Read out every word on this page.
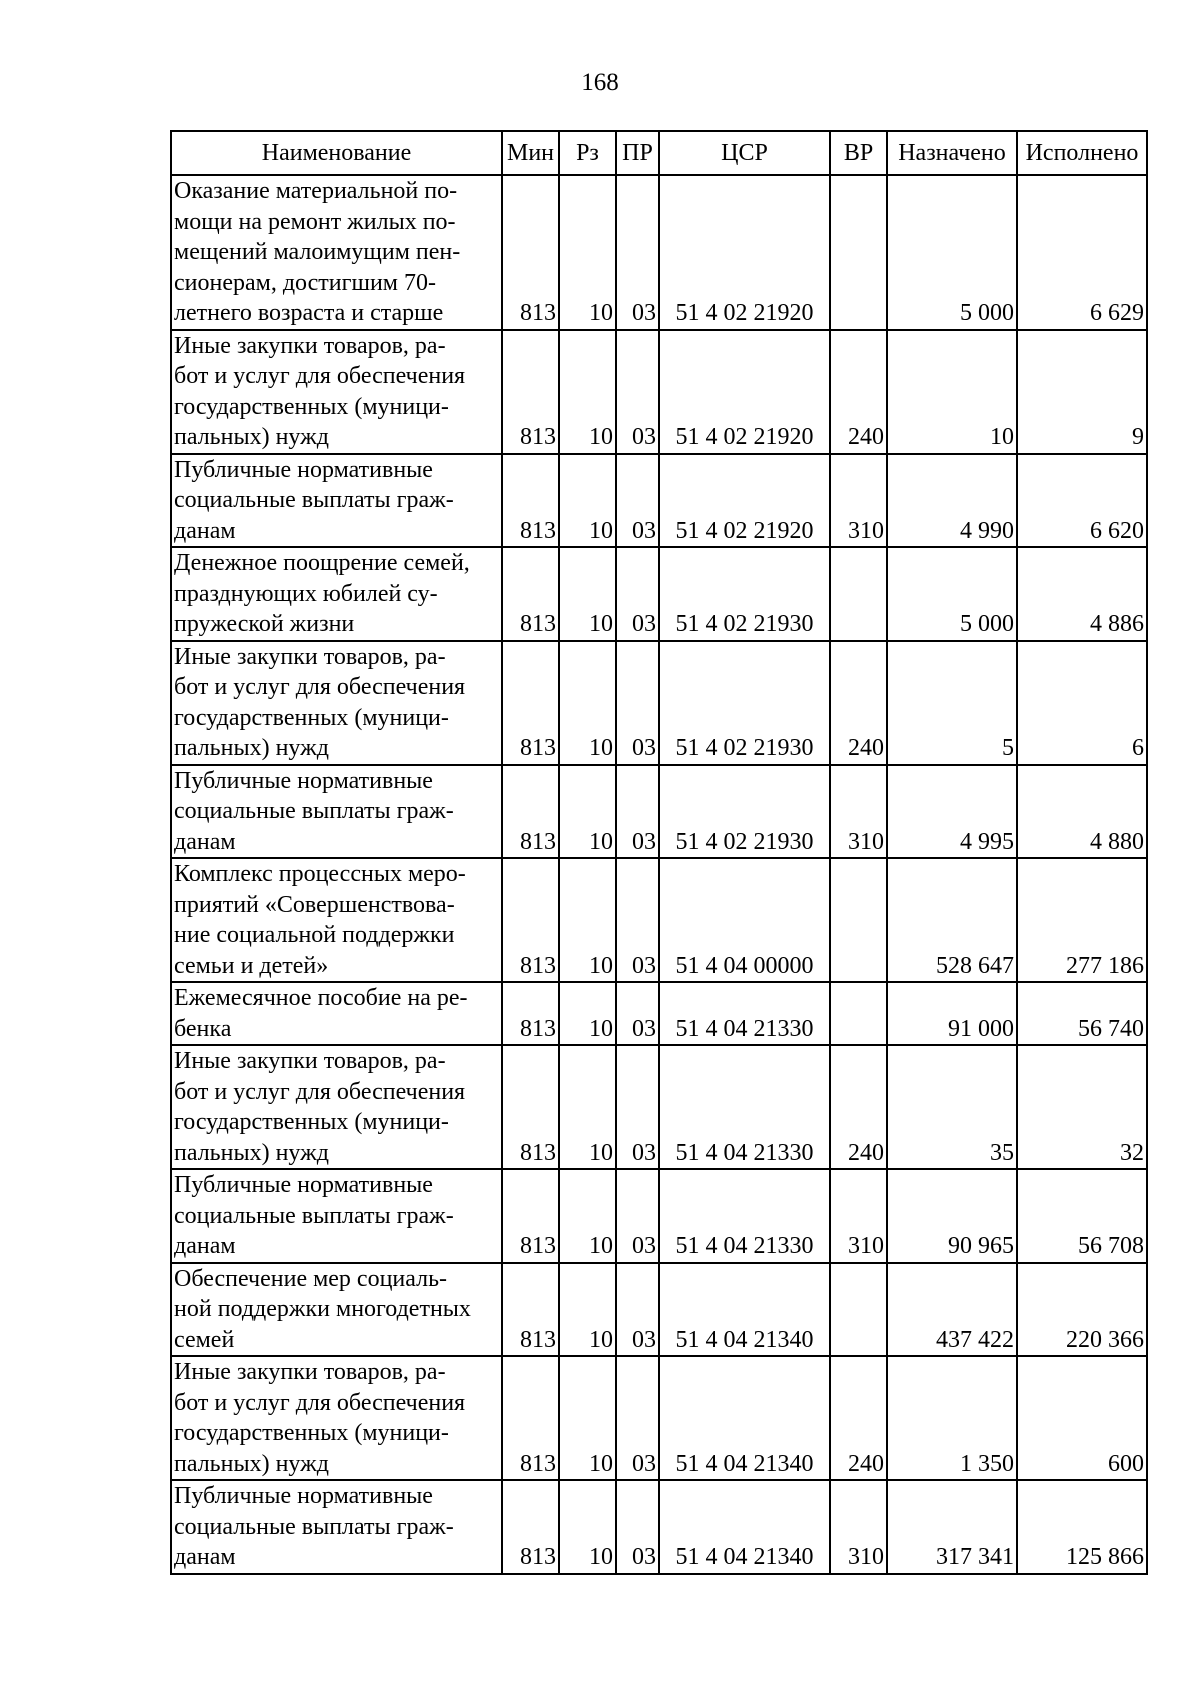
168
Наименование	Мин	Рз	ПР	ЦСР	ВР	Назначено	Исполнено

Оказание материальной по-
мощи на ремонт жилых по-
мещений малоимущим пен-
сионерам, достигшим 70-
летнего возраста и старше	813	10	03	51 4 02 21920		5 000	6 629

Иные закупки товаров, ра-
бот и услуг для обеспечения
государственных (муници-
пальных) нужд	813	10	03	51 4 02 21920	240	10	9

Публичные нормативные
социальные выплаты граж-
данам	813	10	03	51 4 02 21920	310	4 990	6 620

Денежное поощрение семей,
празднующих юбилей су-
пружеской жизни	813	10	03	51 4 02 21930		5 000	4 886

Иные закупки товаров, ра-
бот и услуг для обеспечения
государственных (муници-
пальных) нужд	813	10	03	51 4 02 21930	240	5	6

Публичные нормативные
социальные выплаты граж-
данам	813	10	03	51 4 02 21930	310	4 995	4 880

Комплекс процессных меро-
приятий «Совершенствова-
ние социальной поддержки
семьи и детей»	813	10	03	51 4 04 00000		528 647	277 186

Ежемесячное пособие на ре-
бенка	813	10	03	51 4 04 21330		91 000	56 740

Иные закупки товаров, ра-
бот и услуг для обеспечения
государственных (муници-
пальных) нужд	813	10	03	51 4 04 21330	240	35	32

Публичные нормативные
социальные выплаты граж-
данам	813	10	03	51 4 04 21330	310	90 965	56 708

Обеспечение мер социаль-
ной поддержки многодетных
семей	813	10	03	51 4 04 21340		437 422	220 366

Иные закупки товаров, ра-
бот и услуг для обеспечения
государственных (муници-
пальных) нужд	813	10	03	51 4 04 21340	240	1 350	600

Публичные нормативные
социальные выплаты граж-
данам	813	10	03	51 4 04 21340	310	317 341	125 866
